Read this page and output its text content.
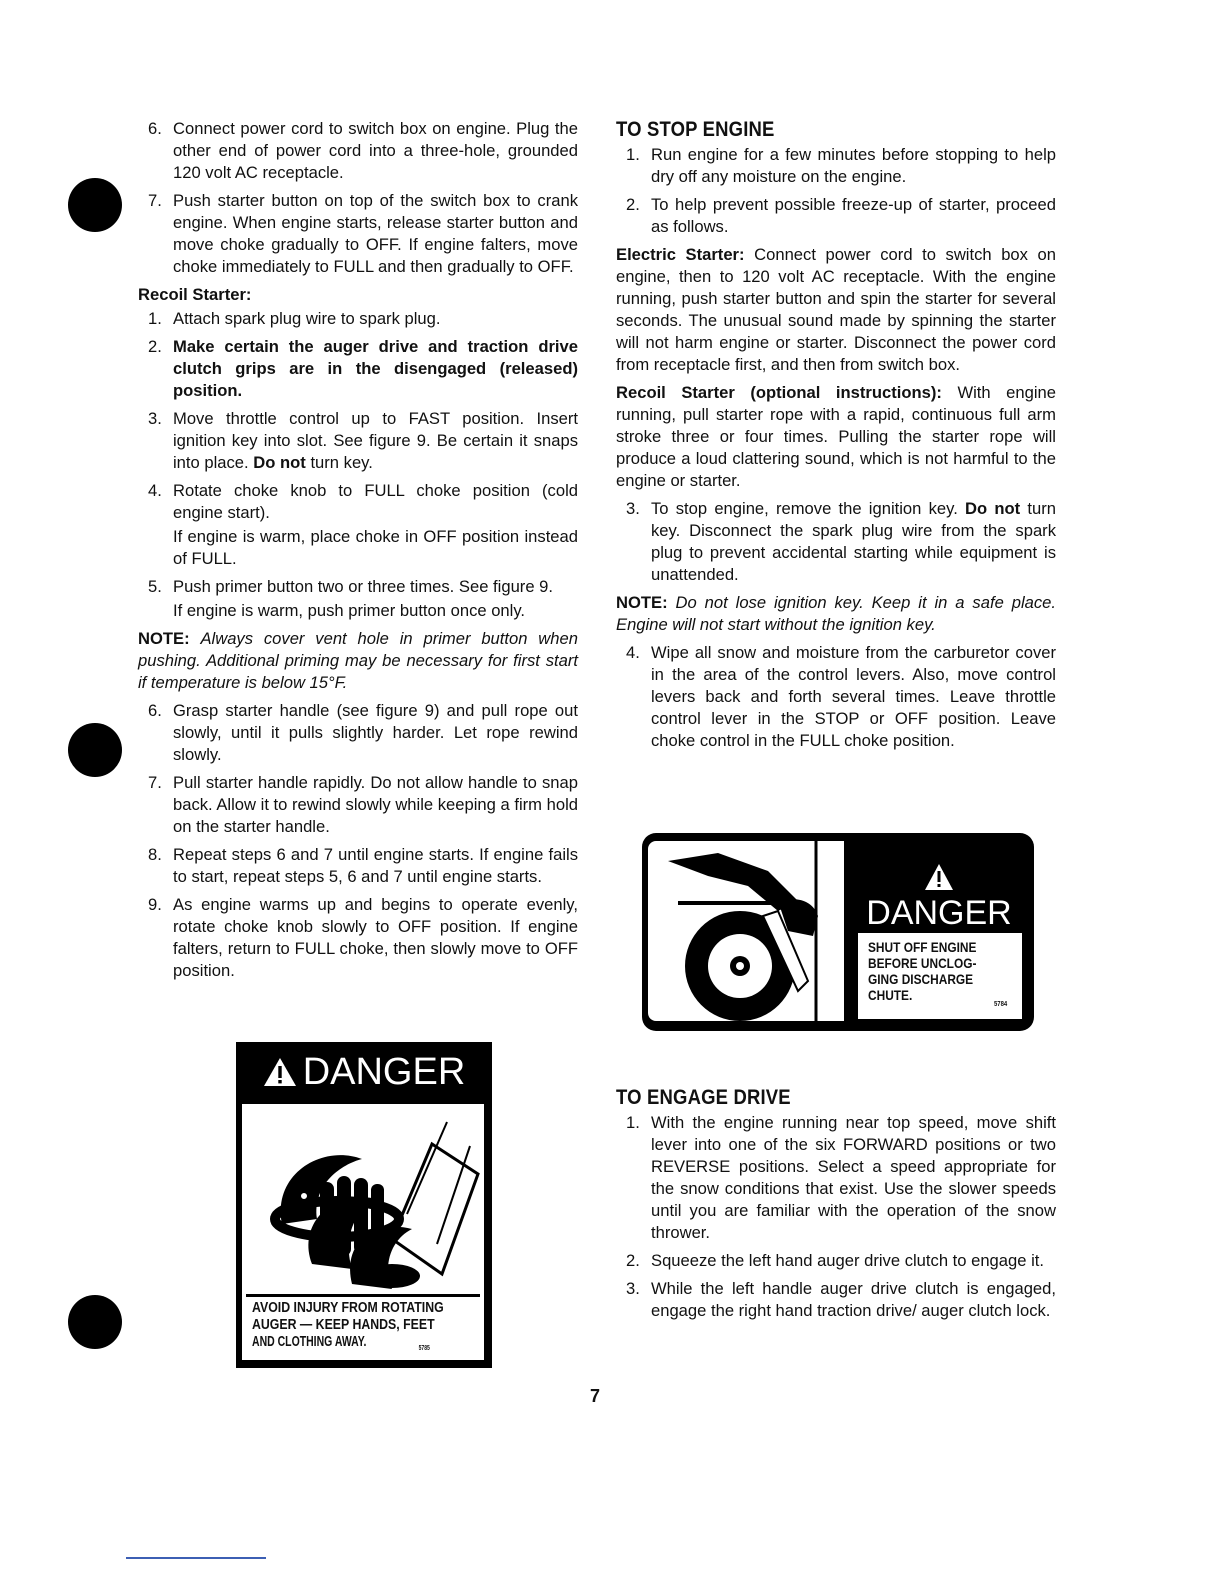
6. Connect power cord to switch box on engine. Plug the other end of power cord into a three-hole, grounded 120 volt AC receptacle.
7. Push starter button on top of the switch box to crank engine. When engine starts, release starter button and move choke gradually to OFF. If engine falters, move choke immediately to FULL and then gradually to OFF.
Recoil Starter:
1. Attach spark plug wire to spark plug.
2. Make certain the auger drive and traction drive clutch grips are in the disengaged (released) position.
3. Move throttle control up to FAST position. Insert ignition key into slot. See figure 9. Be certain it snaps into place. Do not turn key.
4. Rotate choke knob to FULL choke position (cold engine start).
If engine is warm, place choke in OFF position instead of FULL.
5. Push primer button two or three times. See figure 9.
If engine is warm, push primer button once only.
NOTE: Always cover vent hole in primer button when pushing. Additional priming may be necessary for first start if temperature is below 15°F.
6. Grasp starter handle (see figure 9) and pull rope out slowly, until it pulls slightly harder. Let rope rewind slowly.
7. Pull starter handle rapidly. Do not allow handle to snap back. Allow it to rewind slowly while keeping a firm hold on the starter handle.
8. Repeat steps 6 and 7 until engine starts. If engine fails to start, repeat steps 5, 6 and 7 until engine starts.
9. As engine warms up and begins to operate evenly, rotate choke knob slowly to OFF position. If engine falters, return to FULL choke, then slowly move to OFF position.
DANGER
AVOID INJURY FROM ROTATING
AUGER — KEEP HANDS, FEET
AND CLOTHING AWAY.	5785
TO STOP ENGINE
1. Run engine for a few minutes before stopping to help dry off any moisture on the engine.
2. To help prevent possible freeze-up of starter, proceed as follows.
Electric Starter: Connect power cord to switch box on engine, then to 120 volt AC receptacle. With the engine running, push starter button and spin the starter for several seconds. The unusual sound made by spinning the starter will not harm engine or starter. Disconnect the power cord from receptacle first, and then from switch box.
Recoil Starter (optional instructions): With engine running, pull starter rope with a rapid, continuous full arm stroke three or four times. Pulling the starter rope will produce a loud clattering sound, which is not harmful to the engine or starter.
3. To stop engine, remove the ignition key. Do not turn key. Disconnect the spark plug wire from the spark plug to prevent accidental starting while equipment is unattended.
NOTE: Do not lose ignition key. Keep it in a safe place. Engine will not start without the ignition key.
4. Wipe all snow and moisture from the carburetor cover in the area of the control levers. Also, move control levers back and forth several times. Leave throttle control lever in the STOP or OFF position. Leave choke control in the FULL choke position.
DANGER
SHUT OFF ENGINE
BEFORE UNCLOG-
GING DISCHARGE
CHUTE.
5784
TO ENGAGE DRIVE
1. With the engine running near top speed, move shift lever into one of the six FORWARD positions or two REVERSE positions. Select a speed appropriate for the snow conditions that exist. Use the slower speeds until you are familiar with the operation of the snow thrower.
2. Squeeze the left hand auger drive clutch to engage it.
3. While the left handle auger drive clutch is engaged, engage the right hand traction drive/ auger clutch lock.
7
